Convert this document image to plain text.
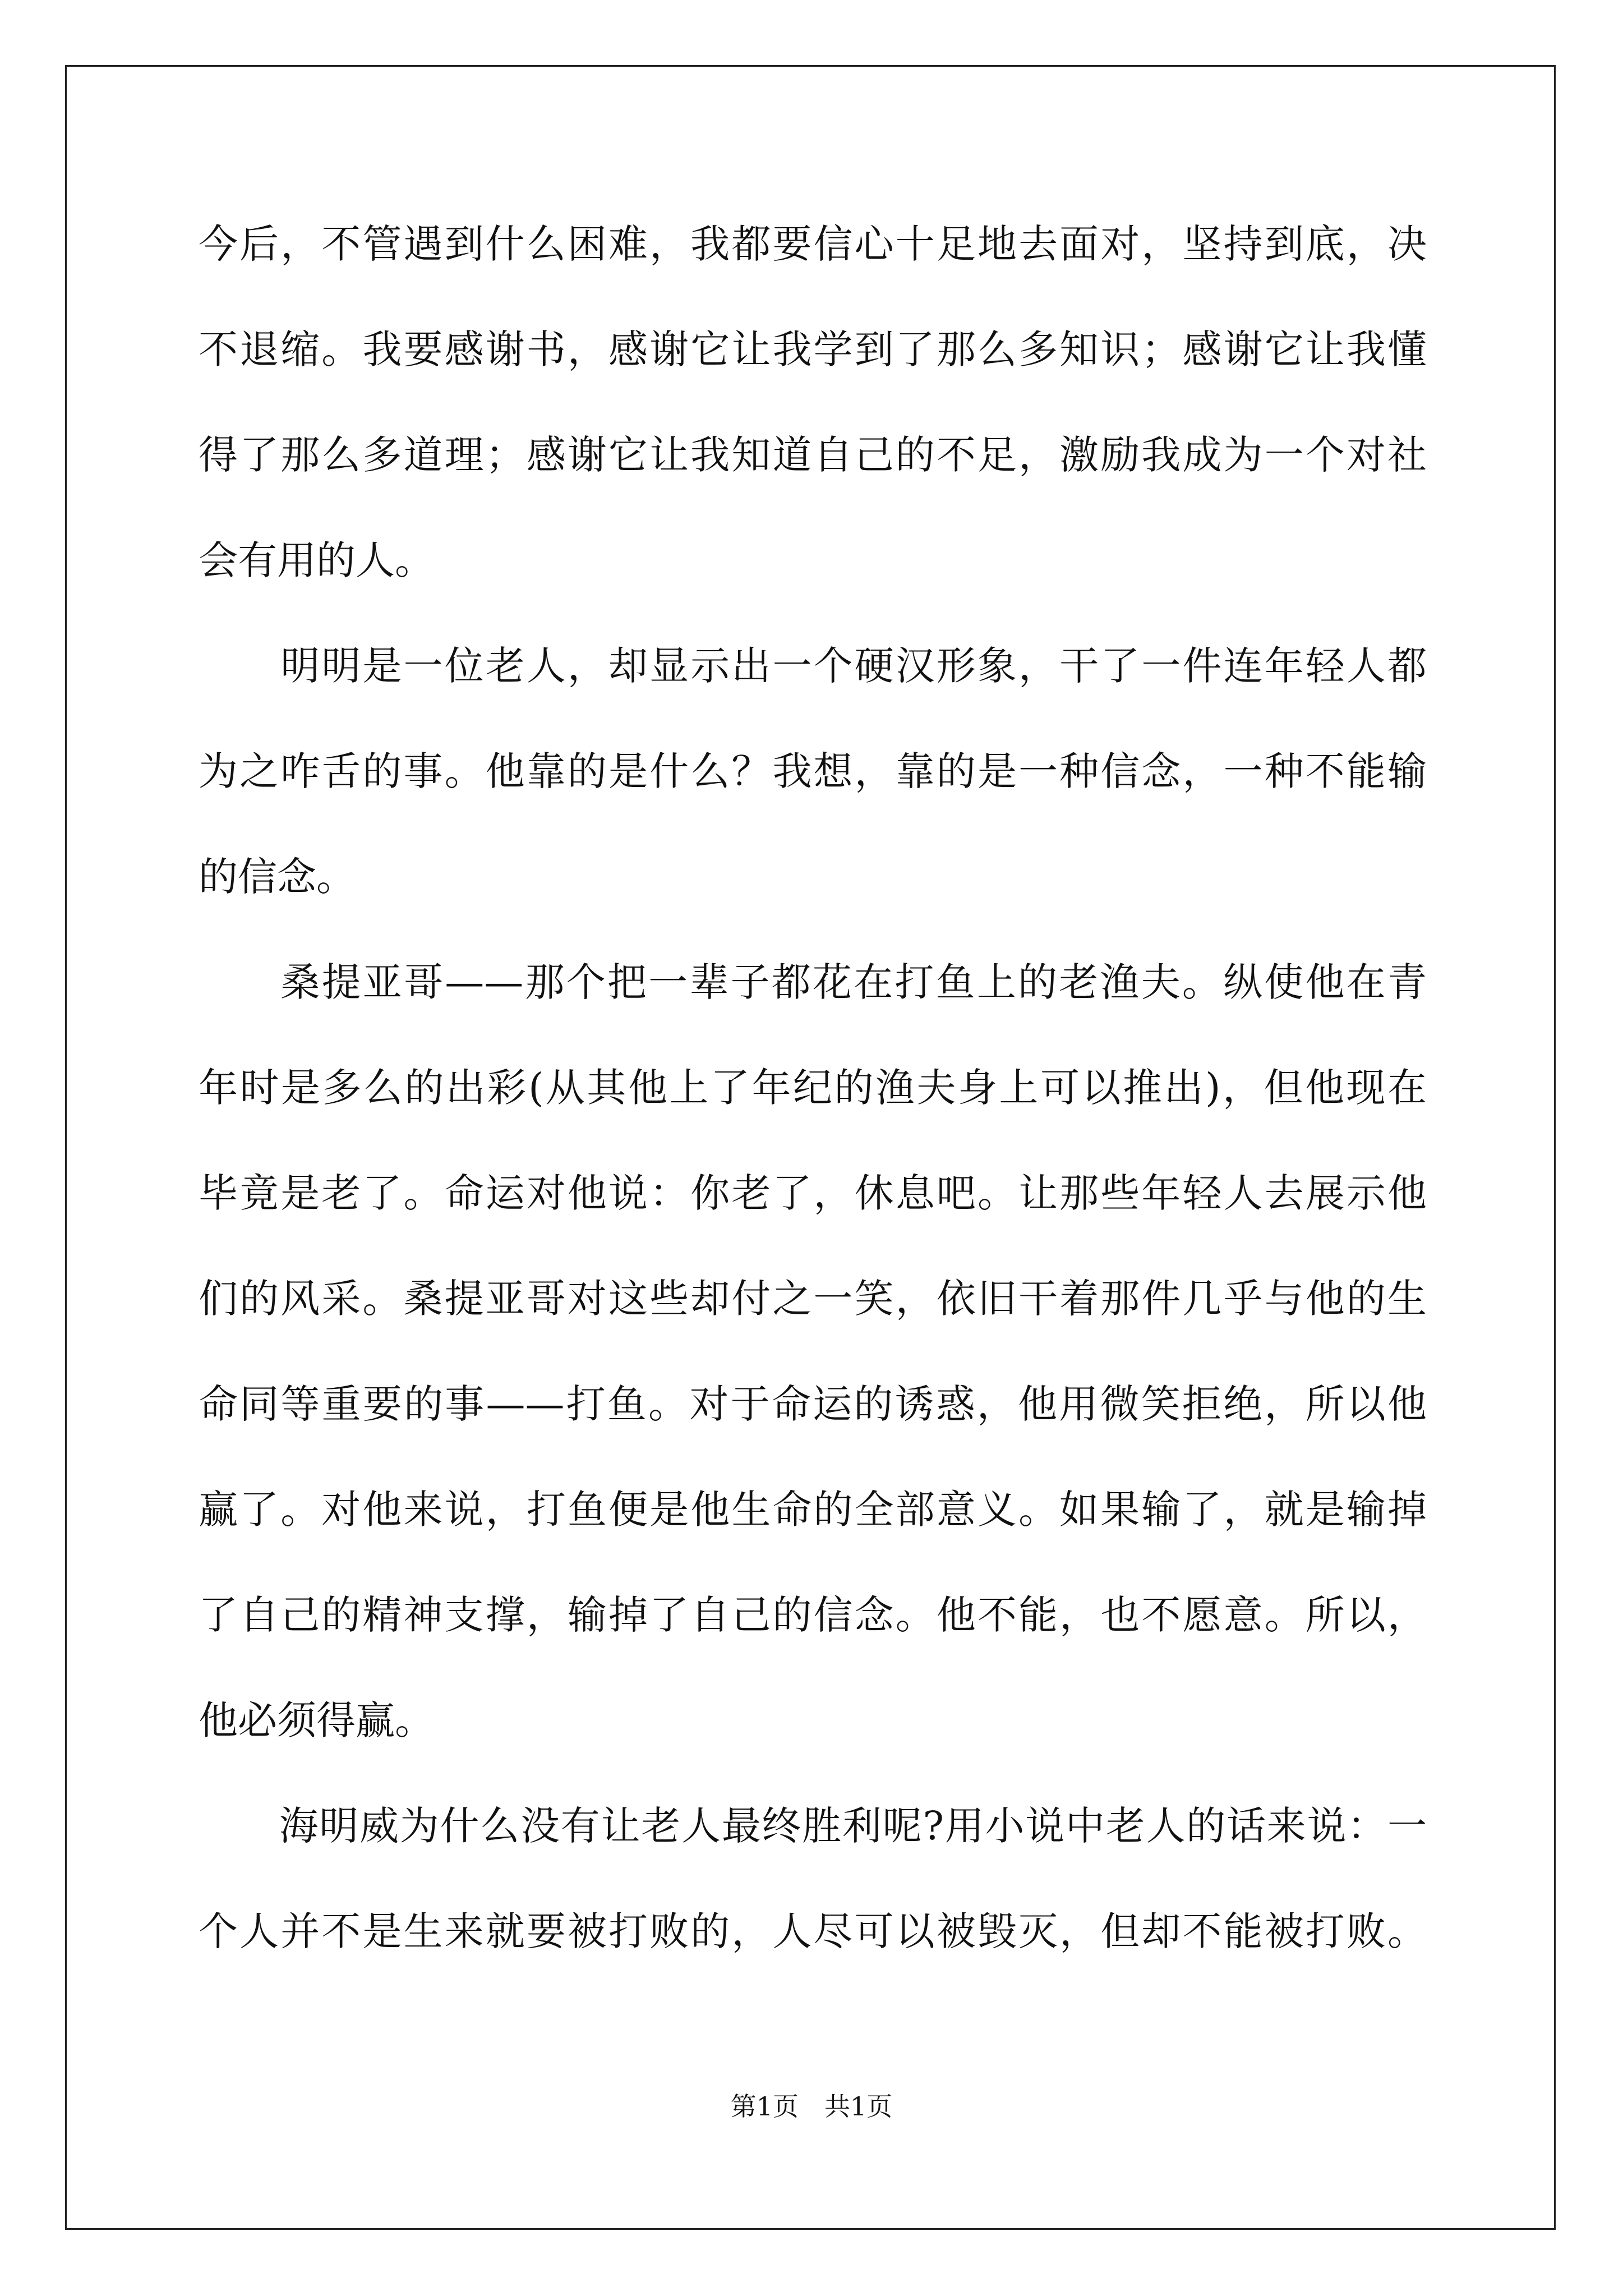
今后，不管遇到什么困难，我都要信心十足地去面对，坚持到底，决
不退缩。我要感谢书，感谢它让我学到了那么多知识；感谢它让我懂
得了那么多道理；感谢它让我知道自己的不足，激励我成为一个对社
会有用的人。
　　明明是一位老人，却显示出一个硬汉形象，干了一件连年轻人都
为之咋舌的事。他靠的是什么？我想，靠的是一种信念，一种不能输
的信念。
　　桑提亚哥——那个把一辈子都花在打鱼上的老渔夫。纵使他在青
年时是多么的出彩(从其他上了年纪的渔夫身上可以推出)，但他现在
毕竟是老了。命运对他说：你老了，休息吧。让那些年轻人去展示他
们的风采。桑提亚哥对这些却付之一笑，依旧干着那件几乎与他的生
命同等重要的事——打鱼。对于命运的诱惑，他用微笑拒绝，所以他
赢了。对他来说，打鱼便是他生命的全部意义。如果输了，就是输掉
了自己的精神支撑，输掉了自己的信念。他不能，也不愿意。所以，
他必须得赢。
　　海明威为什么没有让老人最终胜利呢?用小说中老人的话来说：一
个人并不是生来就要被打败的，人尽可以被毁灭，但却不能被打败。
第1页　共1页
